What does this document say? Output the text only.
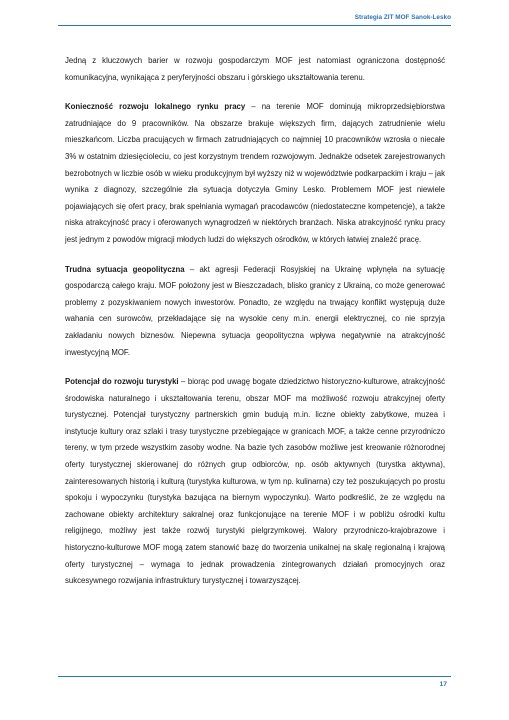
Strategia ZIT MOF Sanok-Lesko

Jedną z kluczowych barier w rozwoju gospodarczym MOF jest natomiast ograniczona dostępność komunikacyjna, wynikająca z peryferyjności obszaru i górskiego ukształtowania terenu.

Konieczność rozwoju lokalnego rynku pracy – na terenie MOF dominują mikroprzedsiębiorstwa zatrudniające do 9 pracowników. Na obszarze brakuje większych firm, dających zatrudnienie wielu mieszkańcom. Liczba pracujących w firmach zatrudniających co najmniej 10 pracowników wzrosła o niecałe 3% w ostatnim dziesięcioleciu, co jest korzystnym trendem rozwojowym. Jednakże odsetek zarejestrowanych bezrobotnych w liczbie osób w wieku produkcyjnym był wyższy niż w województwie podkarpackim i kraju – jak wynika z diagnozy, szczególnie zła sytuacja dotyczyła Gminy Lesko. Problemem MOF jest niewiele pojawiających się ofert pracy, brak spełniania wymagań pracodawców (niedostateczne kompetencje), a także niska atrakcyjność pracy i oferowanych wynagrodzeń w niektórych branżach. Niska atrakcyjność rynku pracy jest jednym z powodów migracji młodych ludzi do większych ośrodków, w których łatwiej znaleźć pracę.

Trudna sytuacja geopolityczna – akt agresji Federacji Rosyjskiej na Ukrainę wpłynęła na sytuację gospodarczą całego kraju. MOF położony jest w Bieszczadach, blisko granicy z Ukrainą, co może generować problemy z pozyskiwaniem nowych inwestorów. Ponadto, ze względu na trwający konflikt występują duże wahania cen surowców, przekładające się na wysokie ceny m.in. energii elektrycznej, co nie sprzyja zakładaniu nowych biznesów. Niepewna sytuacja geopolityczna wpływa negatywnie na atrakcyjność inwestycyjną MOF.

Potencjał do rozwoju turystyki – biorąc pod uwagę bogate dziedzictwo historyczno-kulturowe, atrakcyjność środowiska naturalnego i ukształtowania terenu, obszar MOF ma możliwość rozwoju atrakcyjnej oferty turystycznej. Potencjał turystyczny partnerskich gmin budują m.in. liczne obiekty zabytkowe, muzea i instytucje kultury oraz szlaki i trasy turystyczne przebiegające w granicach MOF, a także cenne przyrodniczo tereny, w tym przede wszystkim zasoby wodne. Na bazie tych zasobów możliwe jest kreowanie różnorodnej oferty turystycznej skierowanej do różnych grup odbiorców, np. osób aktywnych (turystka aktywna), zainteresowanych historią i kulturą (turystyka kulturowa, w tym np. kulinarna) czy też poszukujących po prostu spokoju i wypoczynku (turystyka bazująca na biernym wypoczynku). Warto podkreślić, że ze względu na zachowane obiekty architektury sakralnej oraz funkcjonujące na terenie MOF i w pobliżu ośrodki kultu religijnego, możliwy jest także rozwój turystyki pielgrzymkowej. Walory przyrodniczo-krajobrazowe i historyczno-kulturowe MOF mogą zatem stanowić bazę do tworzenia unikalnej na skalę regionalną i krajową oferty turystycznej – wymaga to jednak prowadzenia zintegrowanych działań promocyjnych oraz sukcesywnego rozwijania infrastruktury turystycznej i towarzyszącej.

17
